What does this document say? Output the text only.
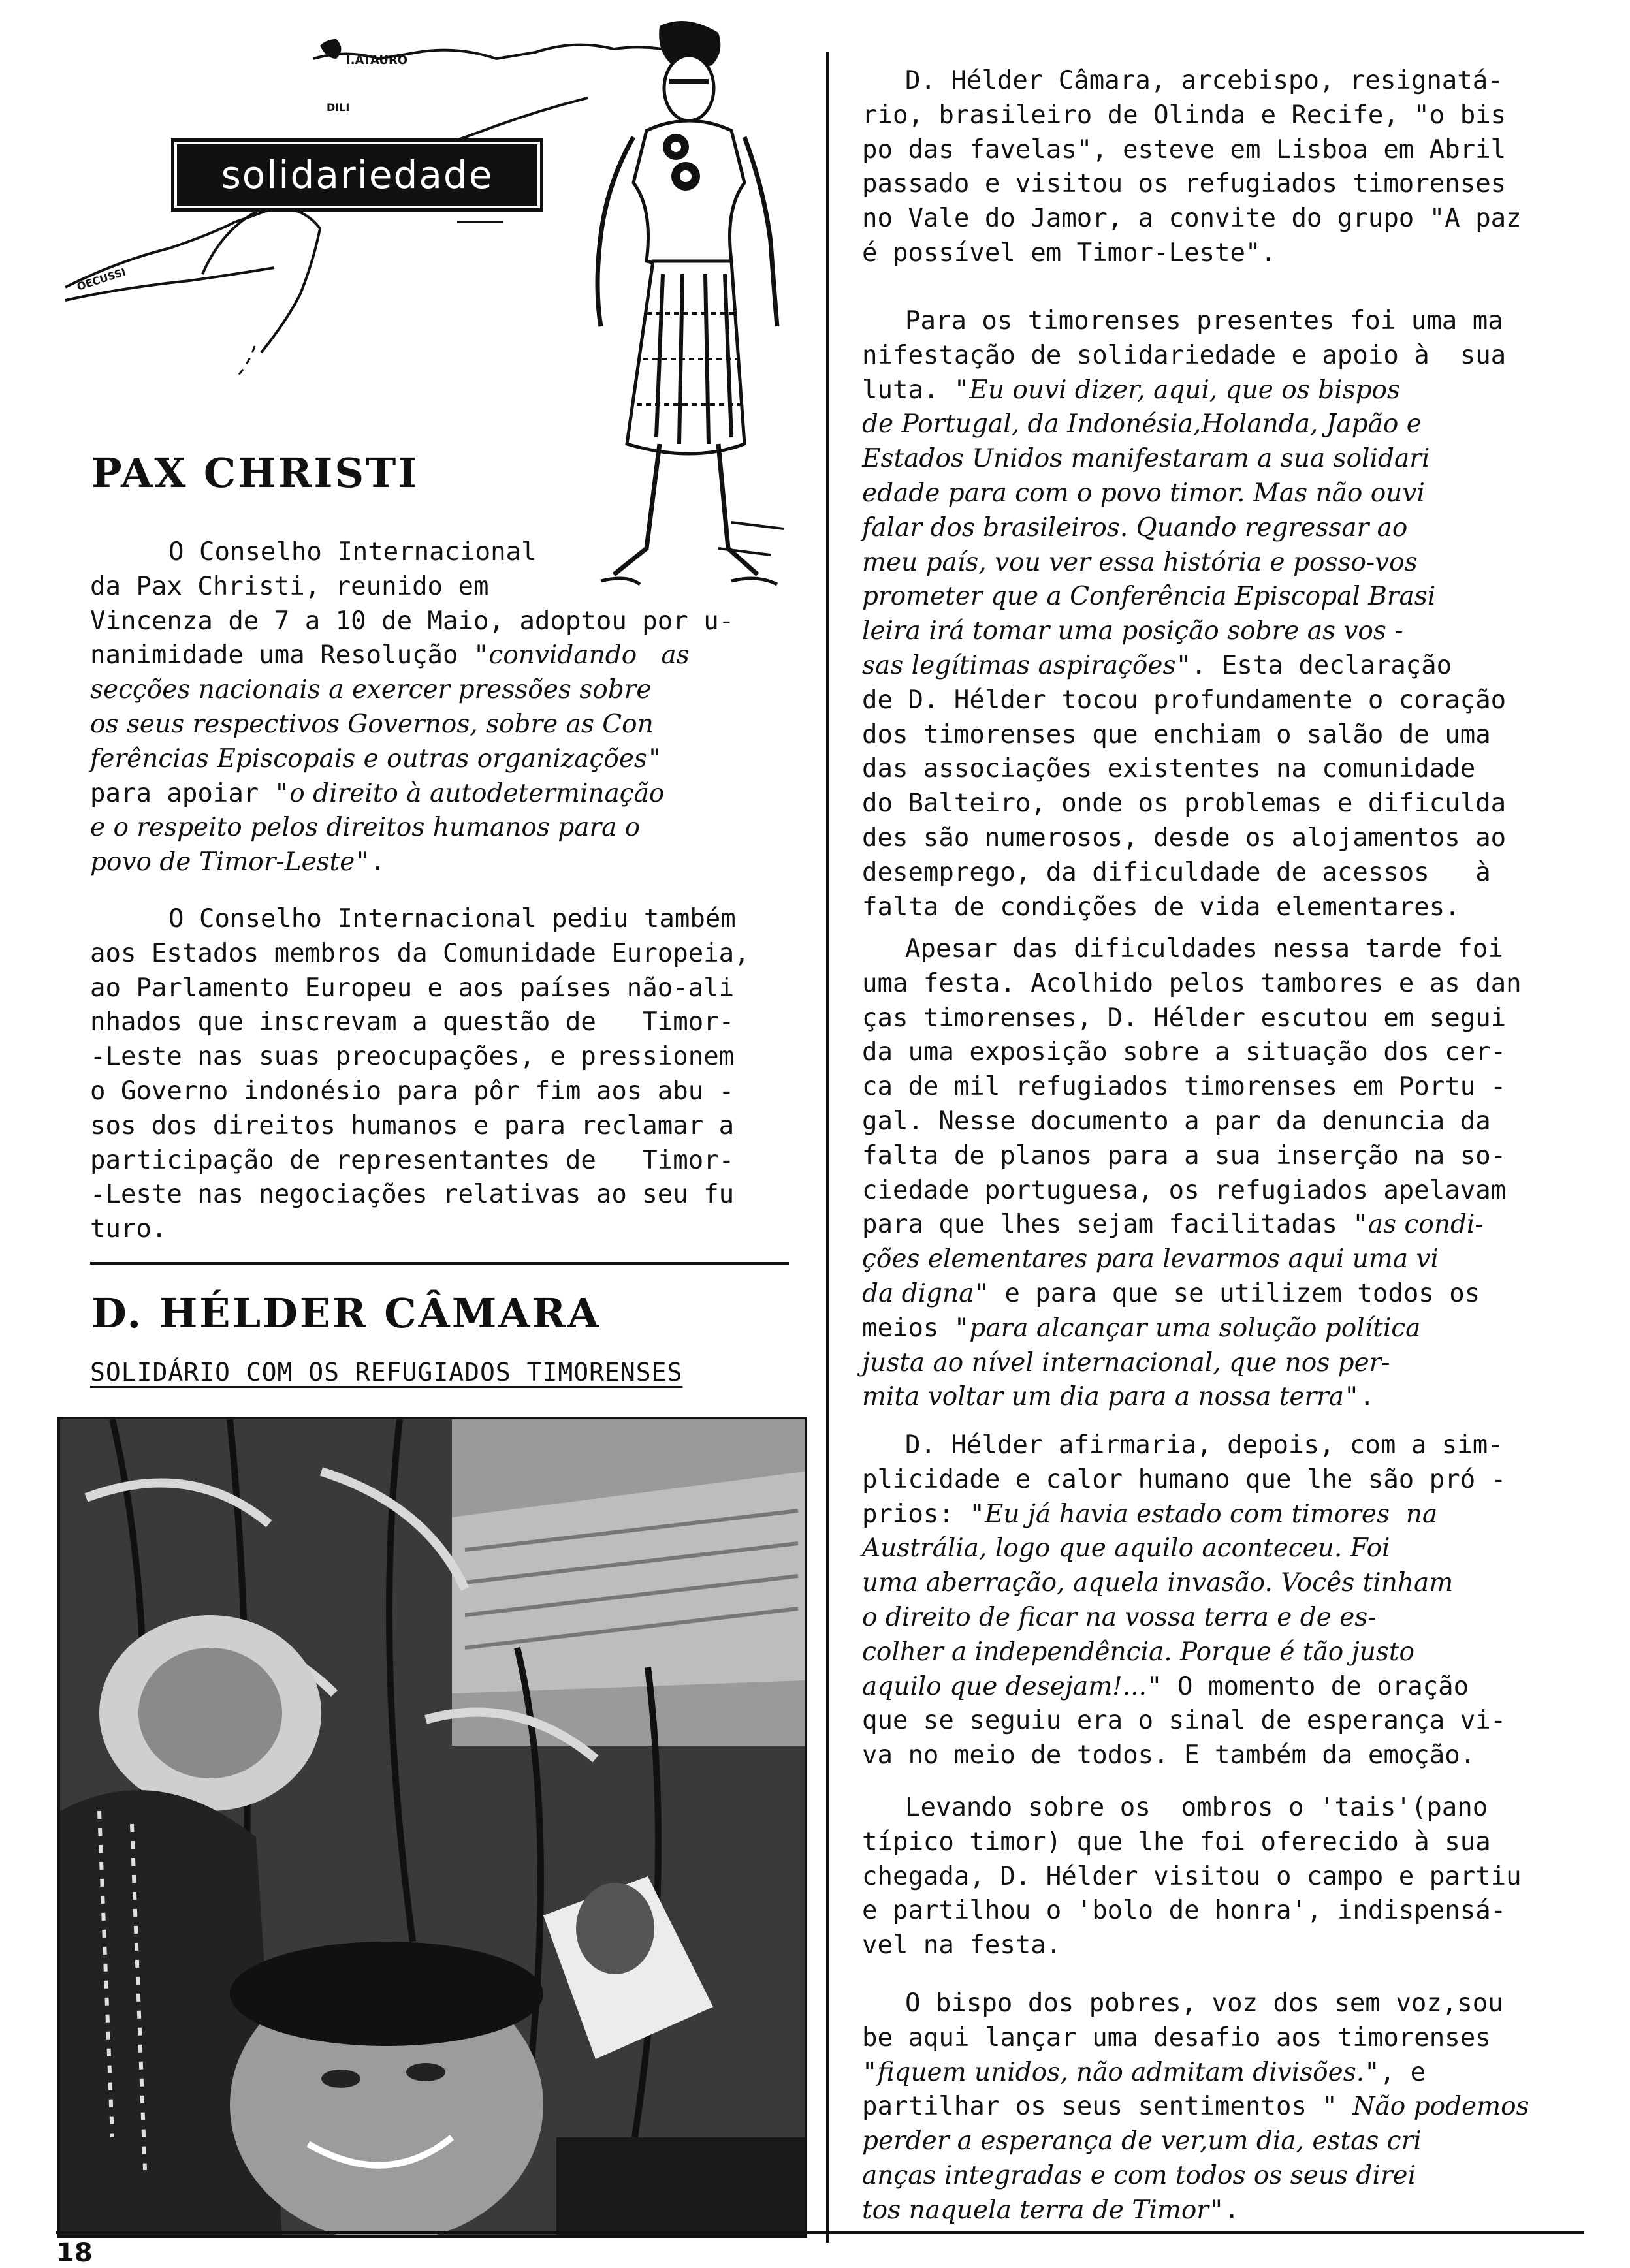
I.ATAURO
DILI
OECUSSI
solidariedade
PAX CHRISTI
O Conselho Internacional
da Pax Christi, reunido em
Vincenza de 7 a 10 de Maio, adoptou por u-
nanimidade uma Resolução "convidando   as
secções nacionais a exercer pressões sobre
os seus respectivos Governos, sobre as Con
ferências Episcopais e outras organizações"
para apoiar "o direito à autodeterminação
e o respeito pelos direitos humanos para o
povo de Timor-Leste".
O Conselho Internacional pediu também
aos Estados membros da Comunidade Europeia,
ao Parlamento Europeu e aos países não-ali
nhados que inscrevam a questão de   Timor-
-Leste nas suas preocupações, e pressionem
o Governo indonésio para pôr fim aos abu -
sos dos direitos humanos e para reclamar a
participação de representantes de   Timor-
-Leste nas negociações relativas ao seu fu
turo.
D. HÉLDER CÂMARA
SOLIDÁRIO COM OS REFUGIADOS TIMORENSES
D. Hélder Câmara, arcebispo, resignatá-
rio, brasileiro de Olinda e Recife, "o bis
po das favelas", esteve em Lisboa em Abril
passado e visitou os refugiados timorenses
no Vale do Jamor, a convite do grupo "A paz
é possível em Timor-Leste".
Para os timorenses presentes foi uma ma
nifestação de solidariedade e apoio à  sua
luta. "Eu ouvi dizer, aqui, que os bispos
de Portugal, da Indonésia,Holanda, Japão e
Estados Unidos manifestaram a sua solidari
edade para com o povo timor. Mas não ouvi
falar dos brasileiros. Quando regressar ao
meu país, vou ver essa história e posso-vos
prometer que a Conferência Episcopal Brasi
leira irá tomar uma posição sobre as vos -
sas legítimas aspirações". Esta declaração
de D. Hélder tocou profundamente o coração
dos timorenses que enchiam o salão de uma
das associações existentes na comunidade
do Balteiro, onde os problemas e dificulda
des são numerosos, desde os alojamentos ao
desemprego, da dificuldade de acessos   à
falta de condições de vida elementares.
Apesar das dificuldades nessa tarde foi
uma festa. Acolhido pelos tambores e as dan
ças timorenses, D. Hélder escutou em segui
da uma exposição sobre a situação dos cer-
ca de mil refugiados timorenses em Portu -
gal. Nesse documento a par da denuncia da
falta de planos para a sua inserção na so-
ciedade portuguesa, os refugiados apelavam
para que lhes sejam facilitadas "as condi-
ções elementares para levarmos aqui uma vi
da digna" e para que se utilizem todos os
meios "para alcançar uma solução política
justa ao nível internacional, que nos per-
mita voltar um dia para a nossa terra".
D. Hélder afirmaria, depois, com a sim-
plicidade e calor humano que lhe são pró -
prios: "Eu já havia estado com timores  na
Austrália, logo que aquilo aconteceu. Foi
uma aberração, aquela invasão. Vocês tinham
o direito de ficar na vossa terra e de es-
colher a independência. Porque é tão justo
aquilo que desejam!..." O momento de oração
que se seguiu era o sinal de esperança vi-
va no meio de todos. E também da emoção.
Levando sobre os  ombros o 'tais'(pano
típico timor) que lhe foi oferecido à sua
chegada, D. Hélder visitou o campo e partiu
e partilhou o 'bolo de honra', indispensá-
vel na festa.
O bispo dos pobres, voz dos sem voz,sou
be aqui lançar uma desafio aos timorenses
"fiquem unidos, não admitam divisões.", e
partilhar os seus sentimentos " Não podemos
perder a esperança de ver,um dia, estas cri
anças integradas e com todos os seus direi
tos naquela terra de Timor".
18
